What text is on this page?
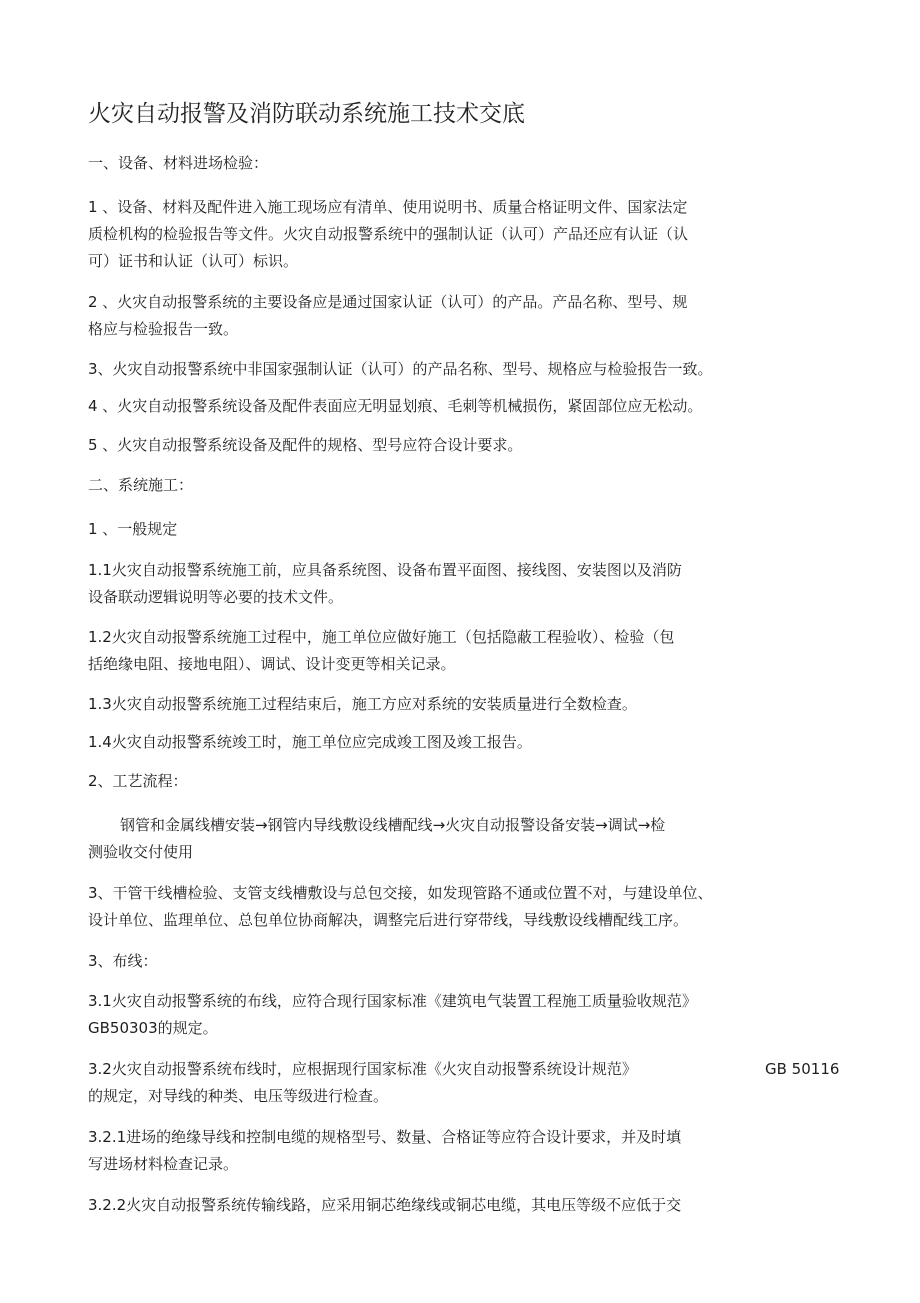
火灾自动报警及消防联动系统施工技术交底
一、设备、材料进场检验：
1 、设备、材料及配件进入施工现场应有清单、使用说明书、质量合格证明文件、国家法定
质检机构的检验报告等文件。火灾自动报警系统中的强制认证（认可）产品还应有认证（认
可）证书和认证（认可）标识。
2 、火灾自动报警系统的主要设备应是通过国家认证（认可）的产品。产品名称、型号、规
格应与检验报告一致。
3、火灾自动报警系统中非国家强制认证（认可）的产品名称、型号、规格应与检验报告一致。
4 、火灾自动报警系统设备及配件表面应无明显划痕、毛刺等机械损伤，紧固部位应无松动。
5 、火灾自动报警系统设备及配件的规格、型号应符合设计要求。
二、系统施工：
1 、一般规定
1.1火灾自动报警系统施工前，应具备系统图、设备布置平面图、接线图、安装图以及消防
设备联动逻辑说明等必要的技术文件。
1.2火灾自动报警系统施工过程中，施工单位应做好施工（包括隐蔽工程验收）、检验（包
括绝缘电阻、接地电阻）、调试、设计变更等相关记录。
1.3火灾自动报警系统施工过程结束后，施工方应对系统的安装质量进行全数检查。
1.4火灾自动报警系统竣工时，施工单位应完成竣工图及竣工报告。
2、工艺流程：
钢管和金属线槽安装→钢管内导线敷设线槽配线→火灾自动报警设备安装→调试→检
测验收交付使用
3、干管干线槽检验、支管支线槽敷设与总包交接，如发现管路不通或位置不对，与建设单位、
设计单位、监理单位、总包单位协商解决，调整完后进行穿带线，导线敷设线槽配线工序。
3、布线：
3.1火灾自动报警系统的布线，应符合现行国家标准《建筑电气装置工程施工质量验收规范》
GB50303的规定。
3.2火灾自动报警系统布线时，应根据现行国家标准《火灾自动报警系统设计规范》	GB 50116
的规定，对导线的种类、电压等级进行检查。
3.2.1进场的绝缘导线和控制电缆的规格型号、数量、合格证等应符合设计要求，并及时填
写进场材料检查记录。
3.2.2火灾自动报警系统传输线路，应采用铜芯绝缘线或铜芯电缆，其电压等级不应低于交
